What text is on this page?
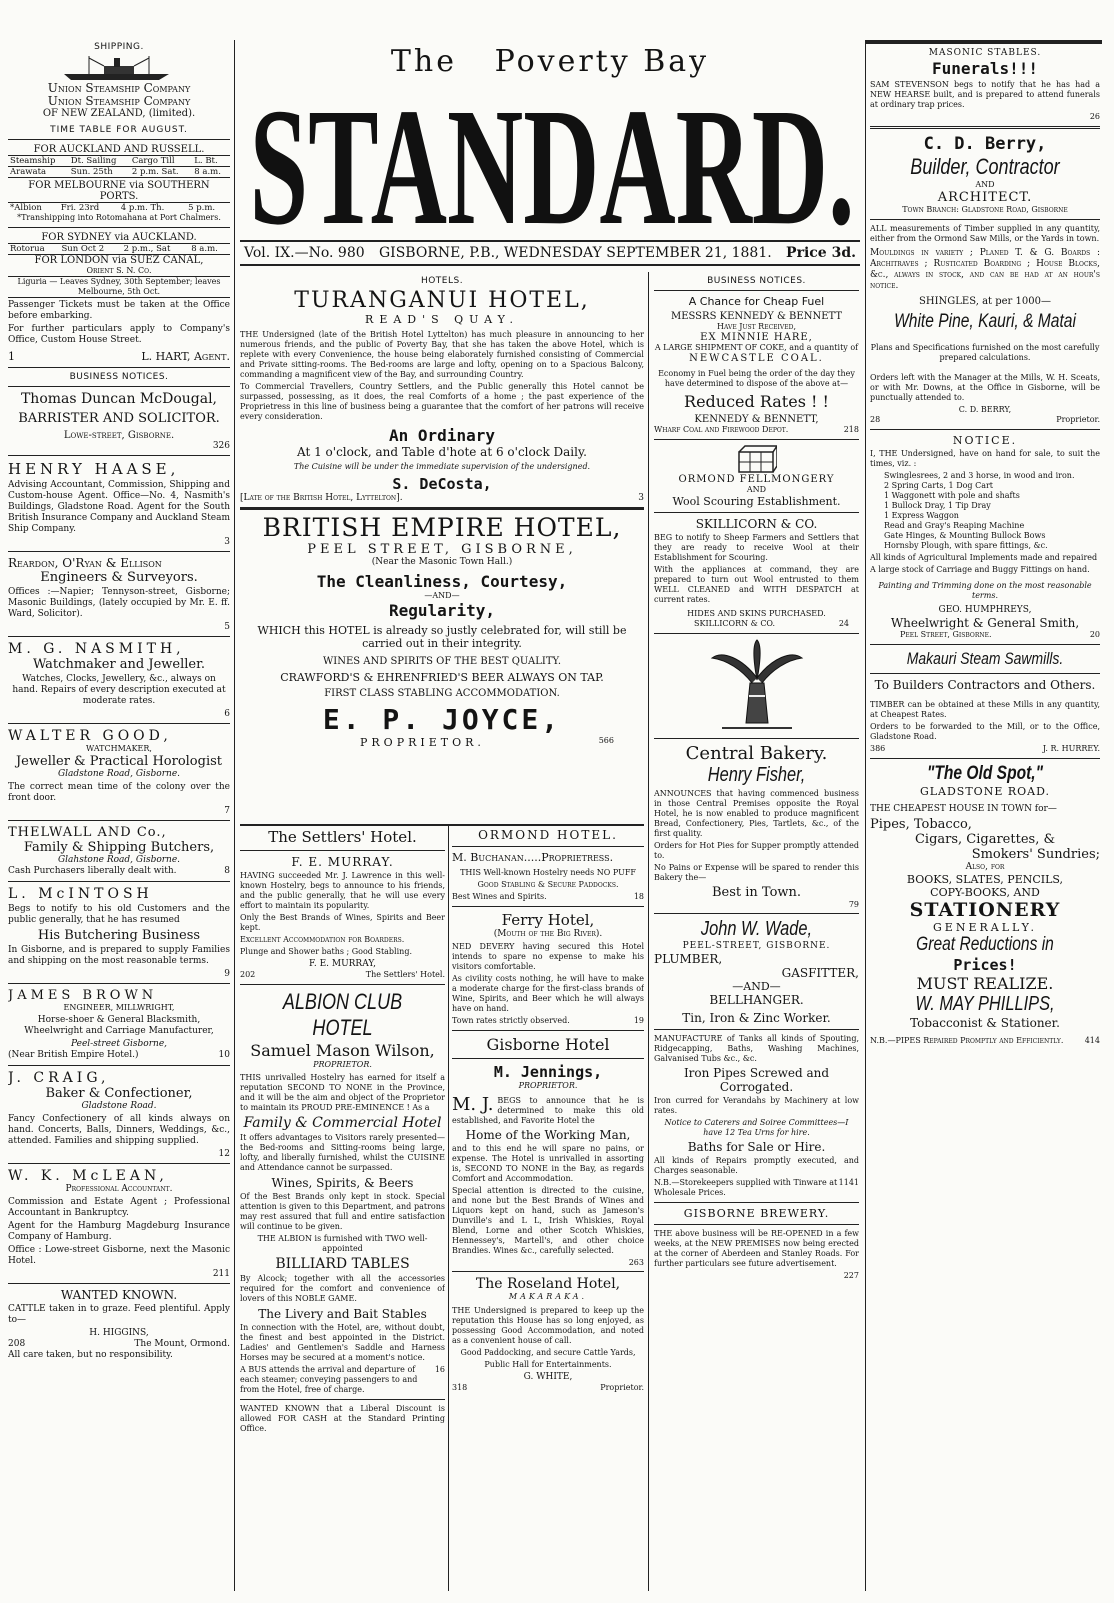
The Poverty Bay
STANDARD.
Vol. IX.—No. 980 GISBORNE, P.B., WEDNESDAY SEPTEMBER 21, 1881. Price 3d.
SHIPPING.
Union Steamship Company
Union Steamship Company
OF NEW ZEALAND, (limited).
TIME TABLE FOR AUGUST.
FOR AUCKLAND AND RUSSELL.
Steamship	Dt. Sailing	Cargo Till	L. Bt.
Arawata	Sun. 25th	2 p.m. Sat.	8 a.m.
FOR MELBOURNE via SOUTHERN PORTS.
*Albion	Fri. 23rd	4 p.m. Th.	5 p.m.
*Transhipping into Rotomahana at Port Chalmers.
FOR SYDNEY via AUCKLAND.
Rotorua	Sun Oct 2	2 p.m., Sat	8 a.m.
FOR LONDON via SUEZ CANAL,
Orient S. N. Co.
Liguria — Leaves Sydney, 30th September; leaves Melbourne, 5th Oct.

Passenger Tickets must be taken at the Office before embarking.

For further particulars apply to Company's Office, Custom House Street.

1	L. HART, Agent.
BUSINESS NOTICES.
Thomas Duncan McDougal,
BARRISTER AND SOLICITOR.
Lowe-street, Gisborne.
326
HENRY HAASE,

Advising Accountant, Commission, Shipping and Custom-house Agent. Office—No. 4, Nasmith's Buildings, Gladstone Road. Agent for the South British Insurance Company and Auckland Steam Ship Company.

3
Reardon, O'Ryan & Ellison
Engineers & Surveyors.

Offices :—Napier; Tennyson-street, Gisborne; Masonic Buildings, (lately occupied by Mr. E. ff. Ward, Solicitor).

5
M. G. NASMITH,
Watchmaker and Jeweller.

Watches, Clocks, Jewellery, &c., always on hand. Repairs of every description executed at moderate rates.

6
WALTER GOOD,
WATCHMAKER,
Jeweller & Practical Horologist
Gladstone Road, Gisborne.

The correct mean time of the colony over the front door.

7
THELWALL AND Co.,
Family & Shipping Butchers,
Glahstone Road, Gisborne.
Cash Purchasers liberally dealt with.	8
L. McINTOSH

Begs to notify to his old Customers and the public generally, that he has resumed

His Butchering Business

In Gisborne, and is prepared to supply Families and shipping on the most reasonable terms.

9
JAMES BROWN
ENGINEER, MILLWRIGHT,

Horse-shoer & General Blacksmith, Wheelwright and Carriage Manufacturer,

Peel-street Gisborne,
(Near British Empire Hotel.)	10
J. CRAIG,
Baker & Confectioner,
Gladstone Road.

Fancy Confectionery of all kinds always on hand. Concerts, Balls, Dinners, Weddings, &c., attended. Families and shipping supplied.

12
W. K. McLEAN,
Professional Accountant.

Commission and Estate Agent ; Professional Accountant in Bankruptcy.

Agent for the Hamburg Magdeburg Insurance Company of Hamburg.

Office : Lowe-street Gisborne, next the Masonic Hotel.

211
WANTED KNOWN.

CATTLE taken in to graze. Feed plentiful. Apply to—

H. HIGGINS,
208	The Mount, Ormond.
All care taken, but no responsibility.
HOTELS.
TURANGANUI HOTEL,
READ'S QUAY.

THE Undersigned (late of the British Hotel Lyttelton) has much pleasure in announcing to her numerous friends, and the public of Poverty Bay, that she has taken the above Hotel, which is replete with every Convenience, the house being elaborately furnished consisting of Commercial and Private sitting-rooms. The Bed-rooms are large and lofty, opening on to a Spacious Balcony, commanding a magnificent view of the Bay, and surrounding Country.

To Commercial Travellers, Country Settlers, and the Public generally this Hotel cannot be surpassed, possessing, as it does, the real Comforts of a home ; the past experience of the Proprietress in this line of business being a guarantee that the comfort of her patrons will receive every consideration.

An Ordinary
At 1 o'clock, and Table d'hote at 6 o'clock Daily.
The Cuisine will be under the immediate supervision of the undersigned.
S. DeCosta,
[Late of the British Hotel, Lyttelton].	3
BRITISH EMPIRE HOTEL,
PEEL STREET, GISBORNE,
(Near the Masonic Town Hall.)
The Cleanliness, Courtesy,
—AND—
Regularity,

WHICH this HOTEL is already so justly celebrated for, will still be carried out in their integrity.

WINES AND SPIRITS OF THE BEST QUALITY.
CRAWFORD'S & EHRENFRIED'S BEER ALWAYS ON TAP.
FIRST CLASS STABLING ACCOMMODATION.
E. P. JOYCE,
PROPRIETOR.	566
The Settlers' Hotel.
F. E. MURRAY.

HAVING succeeded Mr. J. Lawrence in this well-known Hostelry, begs to announce to his friends, and the public generally, that he will use every effort to maintain its popularity.

Only the Best Brands of Wines, Spirits and Beer kept.

Excellent Accommodation for Boarders.

Plunge and Shower baths ; Good Stabling.

F. E. MURRAY,
202	The Settlers' Hotel.
ALBION CLUB HOTEL
Samuel Mason Wilson,
PROPRIETOR.

THIS unrivalled Hostelry has earned for itself a reputation SECOND TO NONE in the Province, and it will be the aim and object of the Proprietor to maintain its PROUD PRE-EMINENCE ! As a

Family & Commercial Hotel

It offers advantages to Visitors rarely presented—the Bed-rooms and Sitting-rooms being large, lofty, and liberally furnished, whilst the CUISINE and Attendance cannot be surpassed.

Wines, Spirits, & Beers

Of the Best Brands only kept in stock. Special attention is given to this Department, and patrons may rest assured that full and entire satisfaction will continue to be given.

THE ALBION is furnished with TWO well-appointed

BILLIARD TABLES

By Alcock; together with all the accessories required for the comfort and convenience of lovers of this NOBLE GAME.

The Livery and Bait Stables

In connection with the Hotel, are, without doubt, the finest and best appointed in the District. Ladies' and Gentlemen's Saddle and Harness Horses may be secured at a moment's notice.

A BUS attends the arrival and departure of each steamer; conveying passengers to and from the Hotel, free of charge.
16

WANTED KNOWN that a Liberal Discount is allowed FOR CASH at the Standard Printing Office.

ORMOND HOTEL.
M. Buchanan.....Proprietress.

THIS Well-known Hostelry needs NO PUFF

Good Stabling & Secure Paddocks.

Best Wines and Spirits.	18
Ferry Hotel,
(Mouth of the Big River).

NED DEVERY having secured this Hotel intends to spare no expense to make his visitors comfortable.

As civility costs nothing, he will have to make a moderate charge for the first-class brands of Wine, Spirits, and Beer which he will always have on hand.

Town rates strictly observed.	19
Gisborne Hotel
M. Jennings,
PROPRIETOR.
M. J. BEGS to announce that he is determined to make this old established, and Favorite Hotel the

Home of the Working Man,

and to this end he will spare no pains, or expense. The Hotel is unrivalled in assorting is, SECOND TO NONE in the Bay, as regards Comfort and Accommodation.

Special attention is directed to the cuisine, and none but the Best Brands of Wines and Liquors kept on hand, such as Jameson's Dunville's and L L, Irish Whiskies, Royal Blend, Lorne and other Scotch Whiskies, Hennessey's, Martell's, and other choice Brandies. Wines &c., carefully selected.

263
The Roseland Hotel,
MAKARAKA.

THE Undersigned is prepared to keep up the reputation this House has so long enjoyed, as possessing Good Accommodation, and noted as a convenient house of call.

Good Paddocking, and secure Cattle Yards,

Public Hall for Entertainments.

G. WHITE,
318	Proprietor.
BUSINESS NOTICES.
A Chance for Cheap Fuel
MESSRS KENNEDY & BENNETT
Have Just Received,
EX MINNIE HARE,
A LARGE SHIPMENT OF COKE, and a quantity of
NEWCASTLE COAL.

Economy in Fuel being the order of the day they have determined to dispose of the above at—

Reduced Rates ! !
KENNEDY & BENNETT,
Wharf Coal and Firewood Depot.	218
ORMOND FELLMONGERY
AND
Wool Scouring Establishment.
SKILLICORN & CO.

BEG to notify to Sheep Farmers and Settlers that they are ready to receive Wool at their Establishment for Scouring.

With the appliances at command, they are prepared to turn out Wool entrusted to them WELL CLEANED and WITH DESPATCH at current rates.

HIDES AND SKINS PURCHASED.
SKILLICORN & CO.	24
Central Bakery.
Henry Fisher,

ANNOUNCES that having commenced business in those Central Premises opposite the Royal Hotel, he is now enabled to produce magnificent Bread, Confectionery, Pies, Tartlets, &c., of the first quality.

Orders for Hot Pies for Supper promptly attended to.

No Pains or Expense will be spared to render this Bakery the—

Best in Town.
79
John W. Wade,
PEEL-STREET, GISBORNE.
PLUMBER,
GASFITTER,
—AND—
BELLHANGER.
Tin, Iron & Zinc Worker.

MANUFACTURE of Tanks all kinds of Spouting, Ridgecapping, Baths, Washing Machines, Galvanised Tubs &c., &c.

Iron Pipes Screwed and Corrogated.

Iron curred for Verandahs by Machinery at low rates.

Notice to Caterers and Soiree Committees—I have 12 Tea Urns for hire.

Baths for Sale or Hire.

All kinds of Repairs promptly executed, and Charges seasonable.

N.B.—Storekeepers supplied with Tinware at Wholesale Prices.
1141
GISBORNE BREWERY.

THE above business will be RE-OPENED in a few weeks, at the NEW PREMISES now being erected at the corner of Aberdeen and Stanley Roads. For further particulars see future advertisement.

227
MASONIC STABLES.
Funerals!!!

SAM STEVENSON begs to notify that he has had a NEW HEARSE built, and is prepared to attend funerals at ordinary trap prices.

26
C. D. Berry,
Builder, Contractor
AND
ARCHITECT.
Town Branch: Gladstone Road, Gisborne

ALL measurements of Timber supplied in any quantity, either from the Ormond Saw Mills, or the Yards in town.

Mouldings in variety ; Planed T. & G. Boards : Architraves ; Rusticated Boarding ; House Blocks, &c., always in stock, and can be had at an hour's notice.

SHINGLES, at per 1000—
White Pine, Kauri, & Matai

Plans and Specifications furnished on the most carefully prepared calculations.

Orders left with the Manager at the Mills, W. H. Sceats, or with Mr. Downs, at the Office in Gisborne, will be punctually attended to.

C. D. BERRY,
28	Proprietor.
NOTICE.

I, THE Undersigned, have on hand for sale, to suit the times, viz. :

Swinglesrees, 2 and 3 horse, in wood and iron.
2 Spring Carts, 1 Dog Cart
1 Waggonett with pole and shafts
1 Bullock Dray, 1 Tip Dray
1 Express Waggon
Read and Gray's Reaping Machine
Gate Hinges, & Mounting Bullock Bows
Hornsby Plough, with spare fittings, &c.

All kinds of Agricultural Implements made and repaired

A large stock of Carriage and Buggy Fittings on hand.

Painting and Trimming done on the most reasonable terms.

GEO. HUMPHREYS,
Wheelwright & General Smith,
Peel Street, Gisborne.	20
Makauri Steam Sawmills.
To Builders Contractors and Others.

TIMBER can be obtained at these Mills in any quantity, at Cheapest Rates.

Orders to be forwarded to the Mill, or to the Office, Gladstone Road.

386	J. R. HURREY.
"The Old Spot,"
GLADSTONE ROAD.

THE CHEAPEST HOUSE IN TOWN for—

Pipes, Tobacco,
Cigars, Cigarettes, &
Smokers' Sundries;
Also, for
BOOKS, SLATES, PENCILS,
COPY-BOOKS, AND
STATIONERY
GENERALLY.
Great Reductions in
Prices!
MUST REALIZE.
W. MAY PHILLIPS,
Tobacconist & Stationer.
N.B.—PIPES Repaired Promptly and Efficiently.	414
